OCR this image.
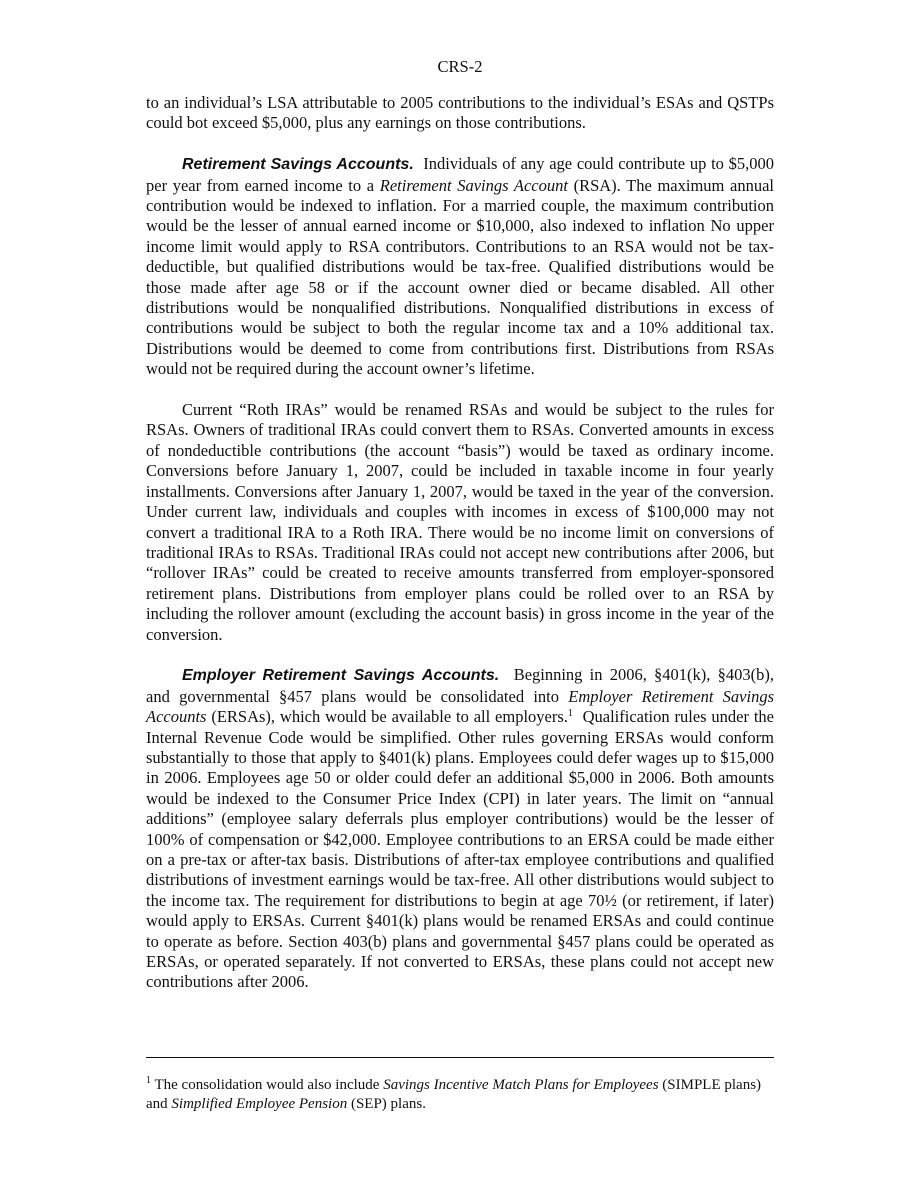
CRS-2

to an individual’s LSA attributable to 2005 contributions to the individual’s ESAs and QSTPs could bot exceed $5,000, plus any earnings on those contributions.

Retirement Savings Accounts. Individuals of any age could contribute up to $5,000 per year from earned income to a Retirement Savings Account (RSA). The maximum annual contribution would be indexed to inflation. For a married couple, the maximum contribution would be the lesser of annual earned income or $10,000, also indexed to inflation No upper income limit would apply to RSA contributors. Contributions to an RSA would not be tax-deductible, but qualified distributions would be tax-free. Qualified distributions would be those made after age 58 or if the account owner died or became disabled. All other distributions would be nonqualified distributions. Nonqualified distributions in excess of contributions would be subject to both the regular income tax and a 10% additional tax. Distributions would be deemed to come from contributions first. Distributions from RSAs would not be required during the account owner’s lifetime.

Current “Roth IRAs” would be renamed RSAs and would be subject to the rules for RSAs. Owners of traditional IRAs could convert them to RSAs. Converted amounts in excess of nondeductible contributions (the account “basis”) would be taxed as ordinary income. Conversions before January 1, 2007, could be included in taxable income in four yearly installments. Conversions after January 1, 2007, would be taxed in the year of the conversion. Under current law, individuals and couples with incomes in excess of $100,000 may not convert a traditional IRA to a Roth IRA. There would be no income limit on conversions of traditional IRAs to RSAs. Traditional IRAs could not accept new contributions after 2006, but “rollover IRAs” could be created to receive amounts transferred from employer-sponsored retirement plans. Distributions from employer plans could be rolled over to an RSA by including the rollover amount (excluding the account basis) in gross income in the year of the conversion.

Employer Retirement Savings Accounts. Beginning in 2006, §401(k), §403(b), and governmental §457 plans would be consolidated into Employer Retirement Savings Accounts (ERSAs), which would be available to all employers.$^1$ Qualification rules under the Internal Revenue Code would be simplified. Other rules governing ERSAs would conform substantially to those that apply to §401(k) plans. Employees could defer wages up to $15,000 in 2006. Employees age 50 or older could defer an additional $5,000 in 2006. Both amounts would be indexed to the Consumer Price Index (CPI) in later years. The limit on “annual additions” (employee salary deferrals plus employer contributions) would be the lesser of 100% of compensation or $42,000. Employee contributions to an ERSA could be made either on a pre-tax or after-tax basis. Distributions of after-tax employee contributions and qualified distributions of investment earnings would be tax-free. All other distributions would subject to the income tax. The requirement for distributions to begin at age 70½ (or retirement, if later) would apply to ERSAs. Current §401(k) plans would be renamed ERSAs and could continue to operate as before. Section 403(b) plans and governmental §457 plans could be operated as ERSAs, or operated separately. If not converted to ERSAs, these plans could not accept new contributions after 2006.

$^1$ The consolidation would also include Savings Incentive Match Plans for Employees (SIMPLE plans) and Simplified Employee Pension (SEP) plans.
